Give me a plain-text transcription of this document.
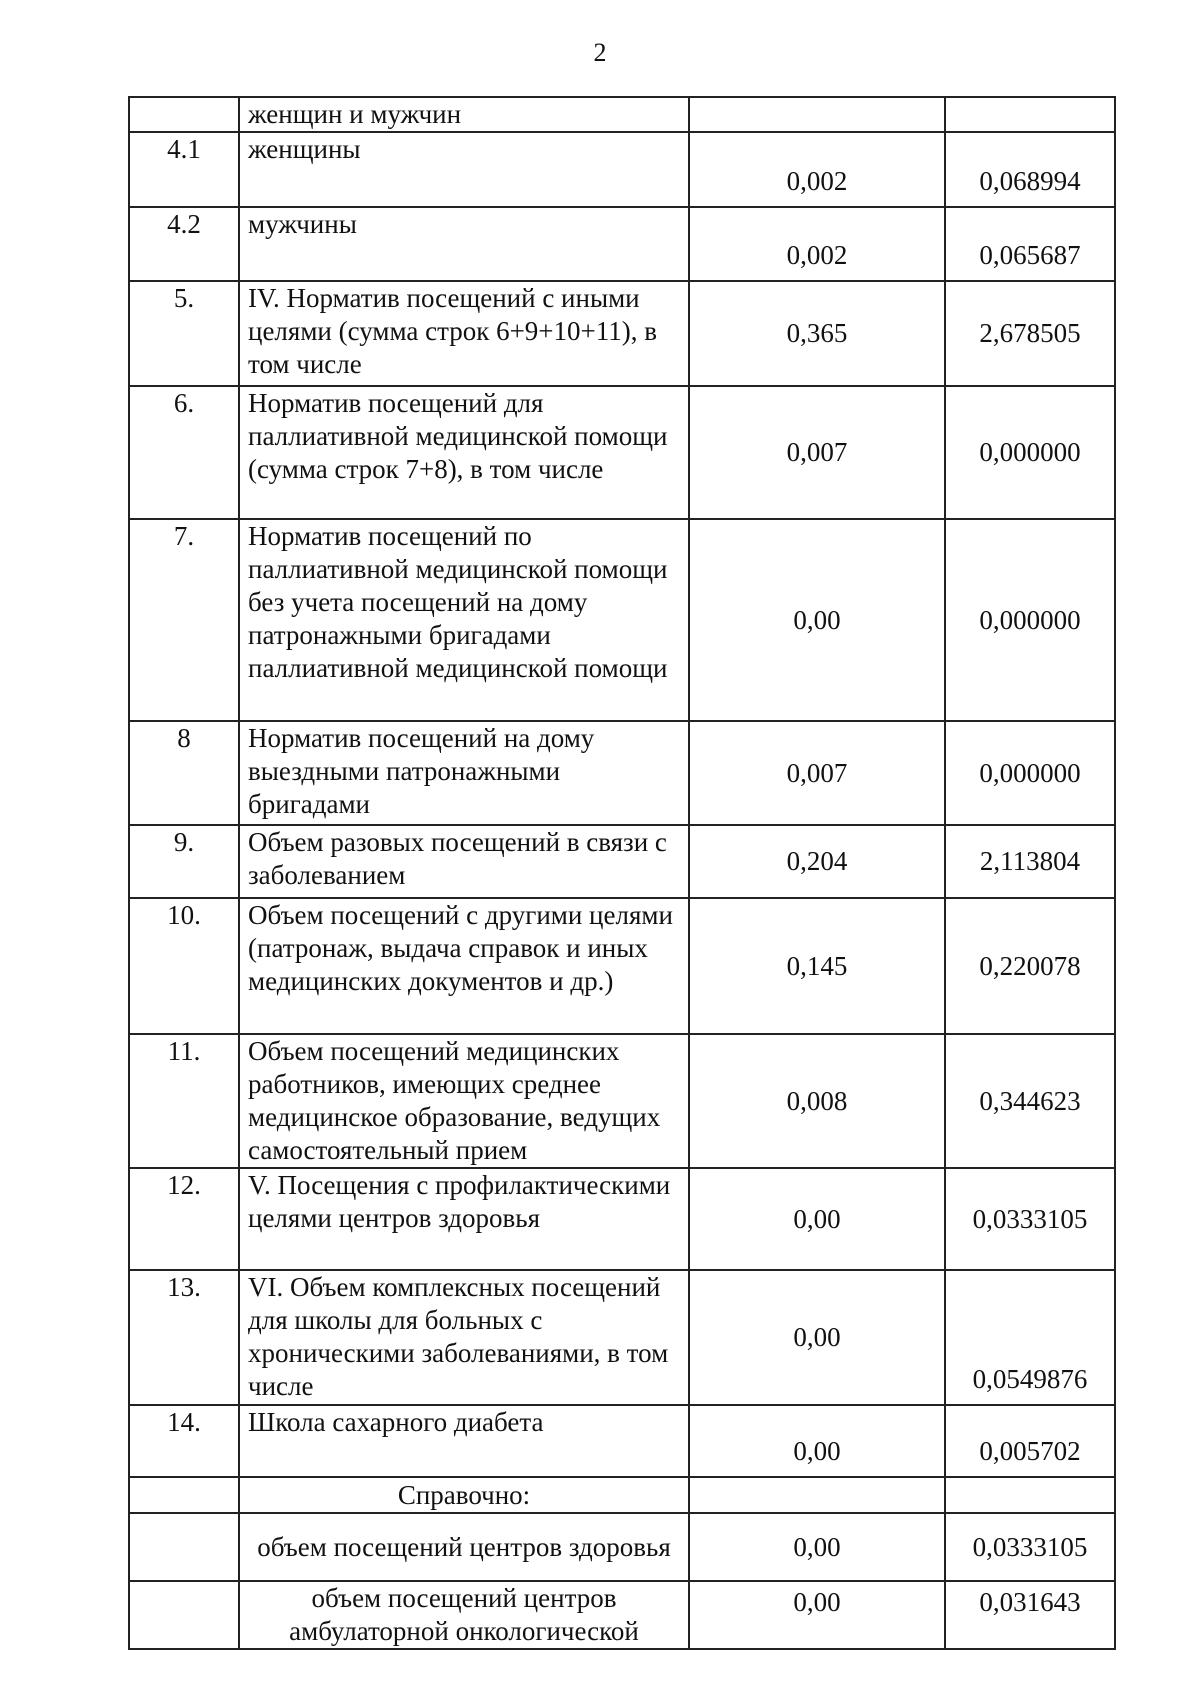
2
	женщин и мужчин		
4.1	женщины	0,002	0,068994
4.2	мужчины	0,002	0,065687
5.	IV. Норматив посещений с иными целями (сумма строк 6+9+10+11), в том числе	0,365	2,678505
6.	Норматив посещений для паллиативной медицинской помощи (сумма строк 7+8), в том числе	0,007	0,000000
7.	Норматив посещений по паллиативной медицинской помощи без учета посещений на дому патронажными бригадами паллиативной медицинской помощи	0,00	0,000000
8	Норматив посещений на дому выездными патронажными бригадами	0,007	0,000000
9.	Объем разовых посещений в связи с заболеванием	0,204	2,113804
10.	Объем посещений с другими целями (патронаж, выдача справок и иных медицинских документов и др.)	0,145	0,220078
11.	Объем посещений медицинских работников, имеющих среднее медицинское образование, ведущих самостоятельный прием	0,008	0,344623
12.	V. Посещения с профилактическими целями центров здоровья	0,00	0,0333105
13.	VI. Объем комплексных посещений для школы для больных с хроническими заболеваниями, в том числе	0,00	0,0549876
14.	Школа сахарного диабета	0,00	0,005702
	Справочно:		
	объем посещений центров здоровья	0,00	0,0333105
	объем посещений центров амбулаторной онкологической	0,00	0,031643
